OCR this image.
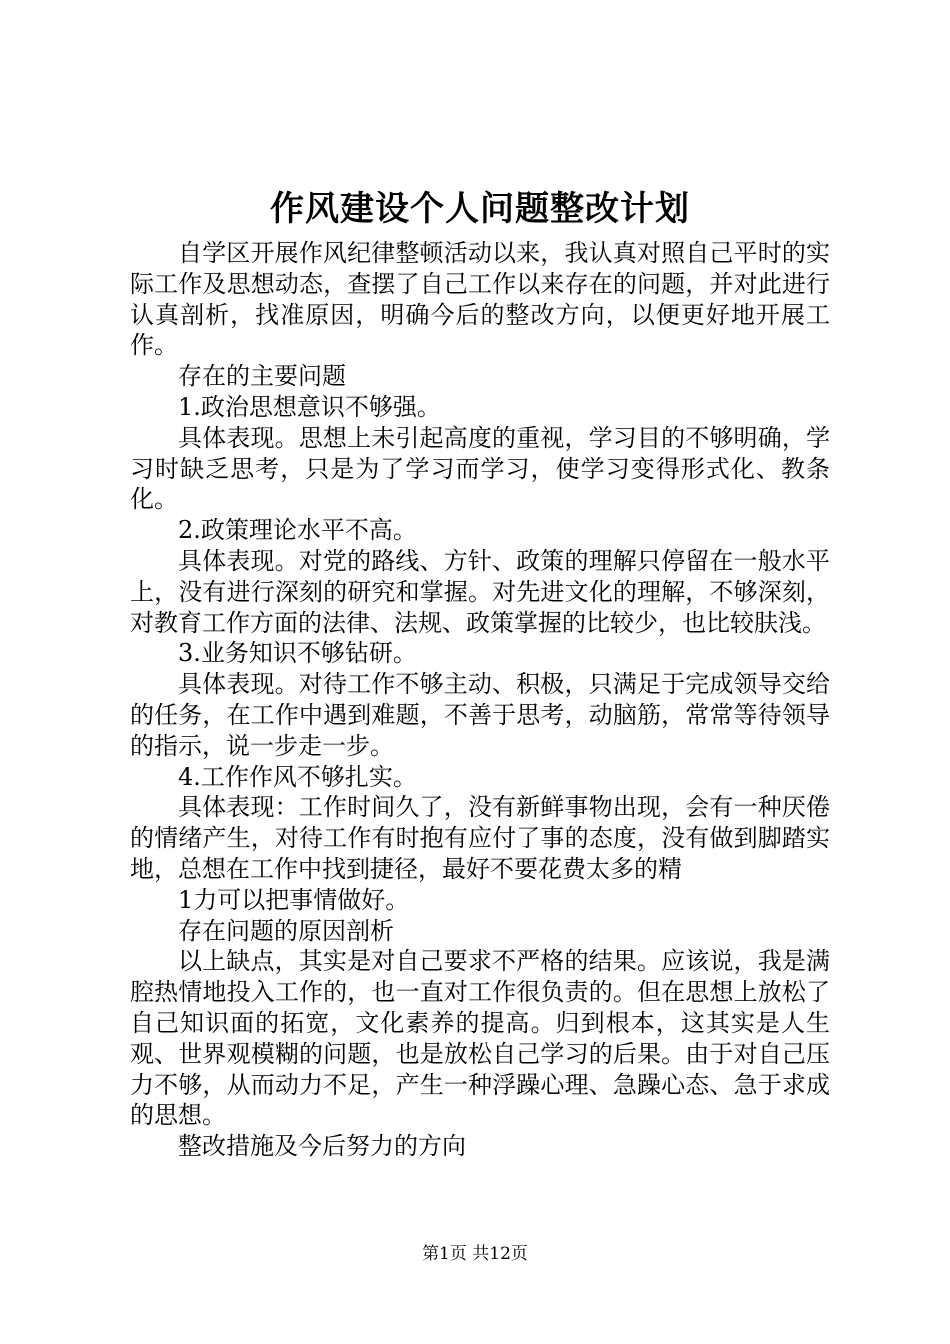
作风建设个人问题整改计划

自学区开展作风纪律整顿活动以来，我认真对照自己平时的实际工作及思想动态，查摆了自己工作以来存在的问题，并对此进行认真剖析，找准原因，明确今后的整改方向，以便更好地开展工作。

存在的主要问题

1.政治思想意识不够强。

具体表现。思想上未引起高度的重视，学习目的不够明确，学习时缺乏思考，只是为了学习而学习，使学习变得形式化、教条化。

2.政策理论水平不高。

具体表现。对党的路线、方针、政策的理解只停留在一般水平上，没有进行深刻的研究和掌握。对先进文化的理解，不够深刻，对教育工作方面的法律、法规、政策掌握的比较少，也比较肤浅。

3.业务知识不够钻研。

具体表现。对待工作不够主动、积极，只满足于完成领导交给的任务，在工作中遇到难题，不善于思考，动脑筋，常常等待领导的指示，说一步走一步。

4.工作作风不够扎实。

具体表现：工作时间久了，没有新鲜事物出现，会有一种厌倦的情绪产生，对待工作有时抱有应付了事的态度，没有做到脚踏实地，总想在工作中找到捷径，最好不要花费太多的精

1力可以把事情做好。

存在问题的原因剖析

以上缺点，其实是对自己要求不严格的结果。应该说，我是满腔热情地投入工作的，也一直对工作很负责的。但在思想上放松了自己知识面的拓宽，文化素养的提高。归到根本，这其实是人生观、世界观模糊的问题，也是放松自己学习的后果。由于对自己压力不够，从而动力不足，产生一种浮躁心理、急躁心态、急于求成的思想。

整改措施及今后努力的方向

第1页 共12页
